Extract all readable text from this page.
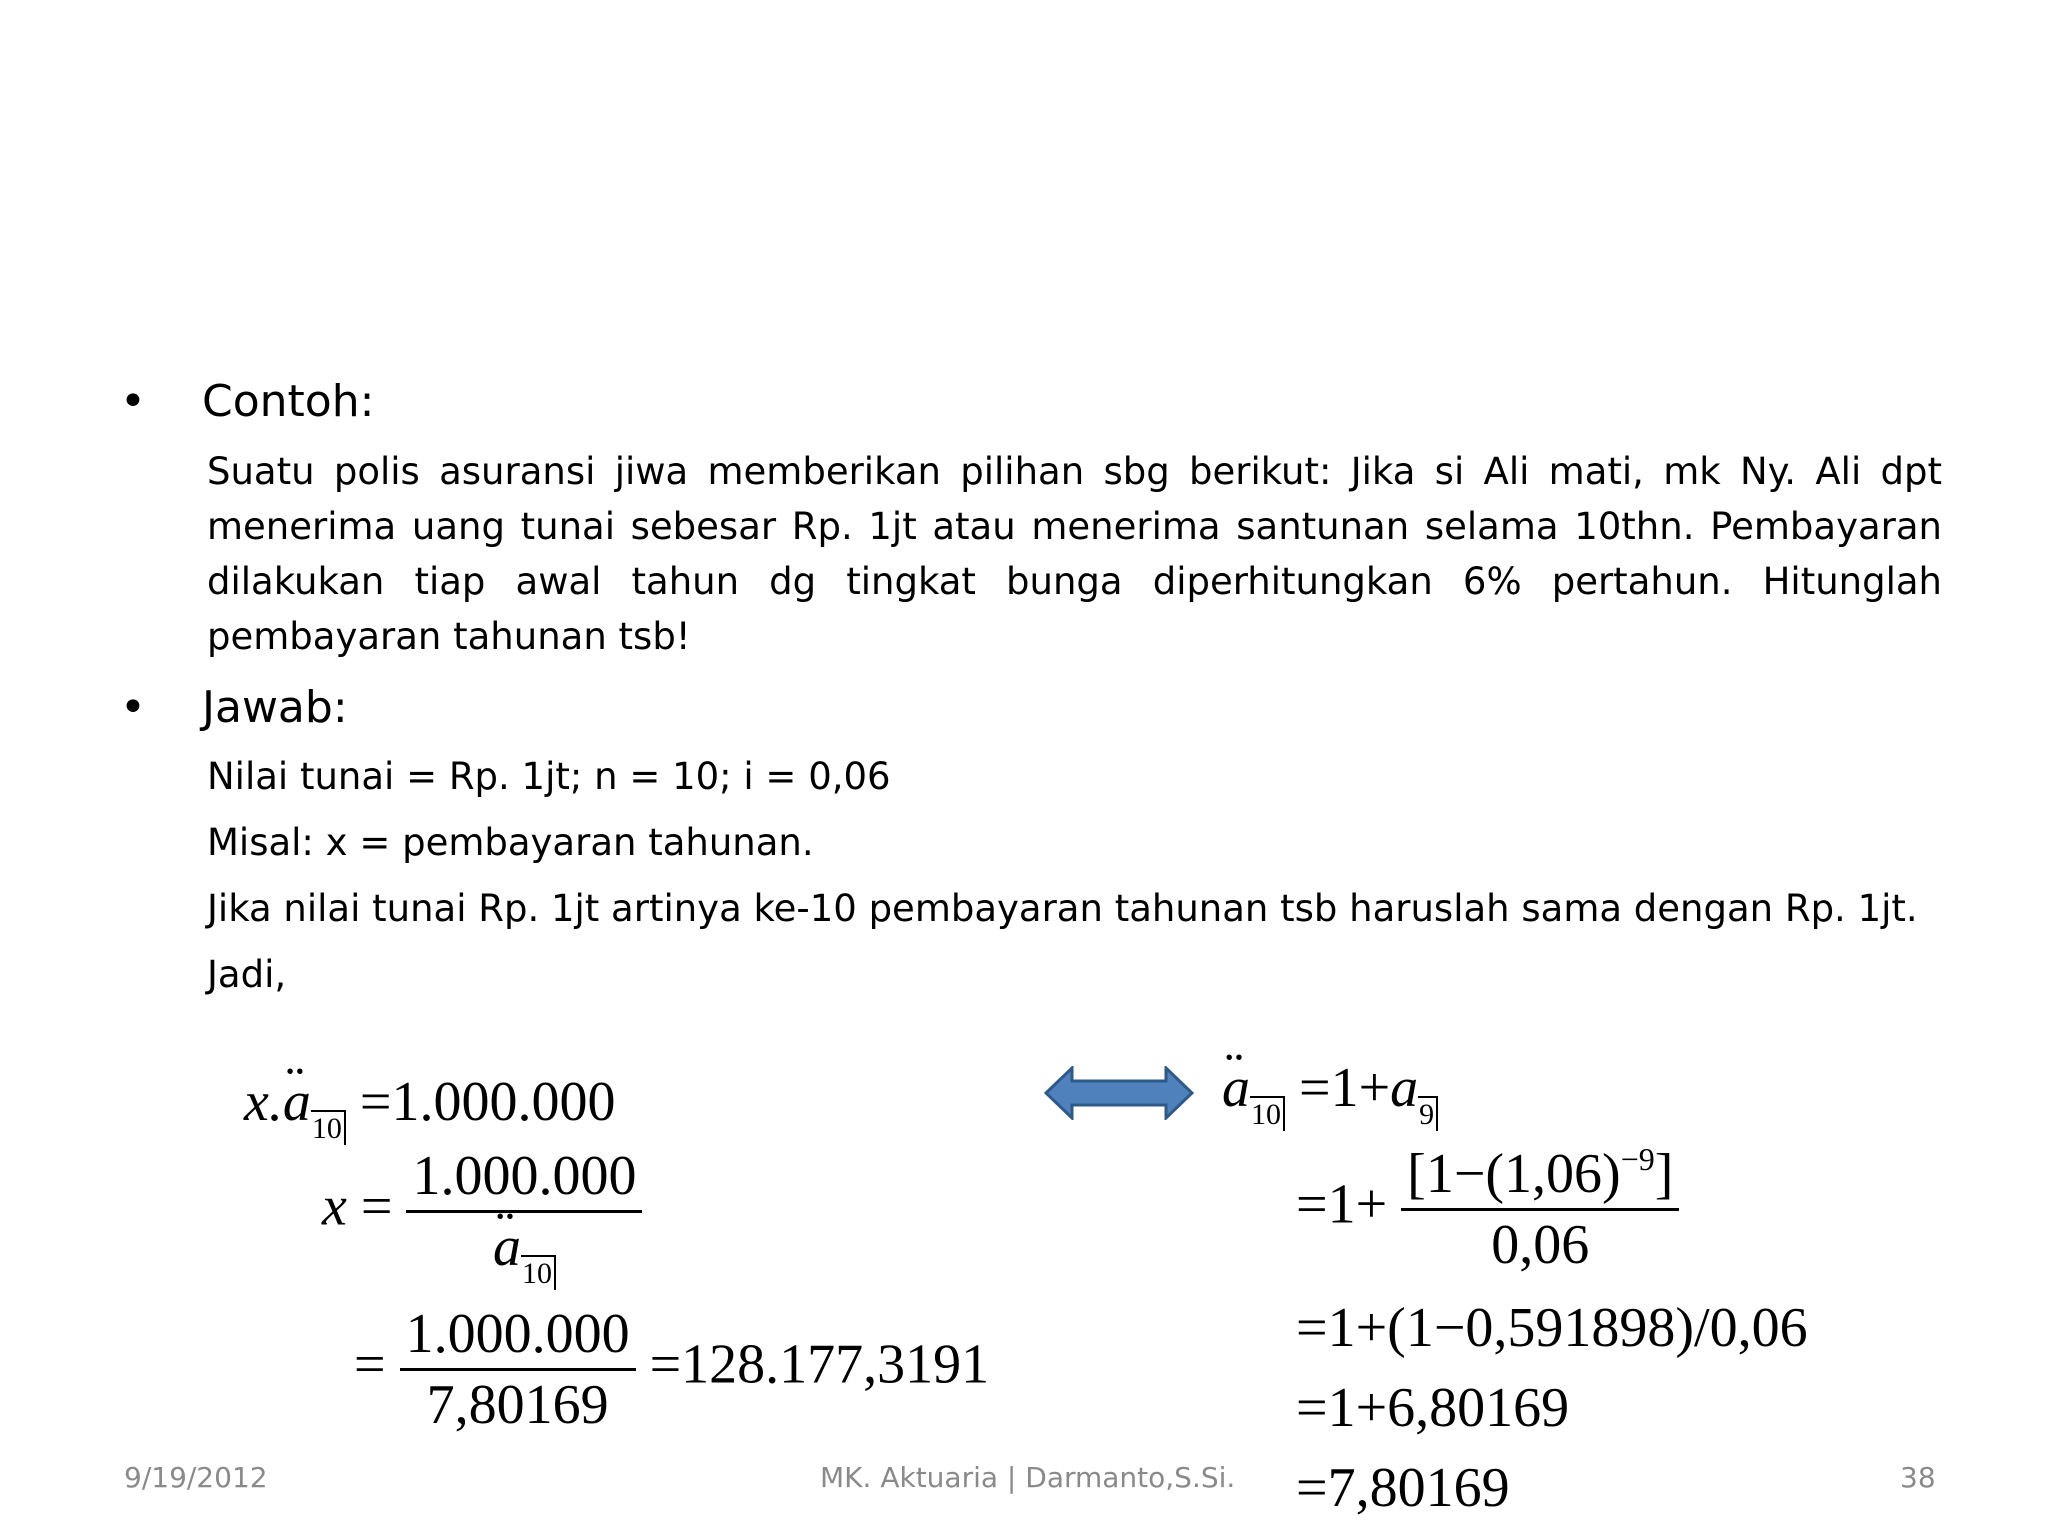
•	Contoh:
Suatu polis asuransi jiwa memberikan pilihan sbg berikut: Jika si Ali mati, mk Ny. Ali dpt menerima uang tunai sebesar Rp. 1jt atau menerima santunan selama 10thn. Pembayaran dilakukan tiap awal tahun dg tingkat bunga diperhitungkan 6% pertahun. Hitunglah pembayaran tahunan tsb!
•	Jawab:
Nilai tunai = Rp. 1jt; n = 10; i = 0,06
Misal: x = pembayaran tahunan.
Jika nilai tunai Rp. 1jt artinya ke-10 pembayaran tahunan tsb haruslah sama dengan Rp. 1jt.
Jadi,
x.¨ $a_{10} =1.000.000$
x = 1.000.000
¨ $a_{10}$
= $\frac{1.000.000}{7,80169} =128.177,3191$
¨ $a_{10} =1+a_9$
$=1+ \frac{[1-(1,06)^{-9}]}{0,06}$
=1+(1−0,591898)/0,06
=1+6,80169
=7,80169
9/19/2012	MK. Aktuaria | Darmanto,S.Si.	38
